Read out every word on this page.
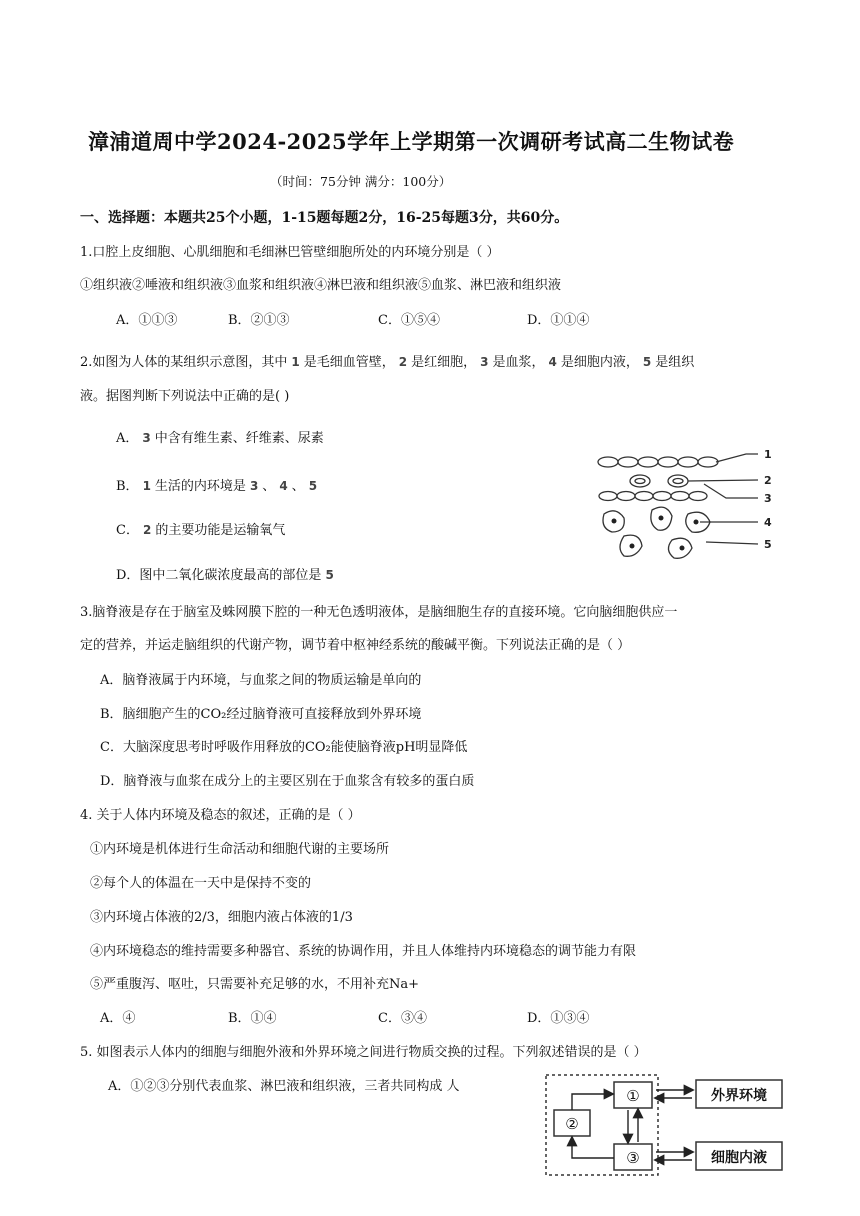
漳浦道周中学2024-2025学年上学期第一次调研考试高二生物试卷
（时间：75分钟 满分：100分）
一、选择题：本题共25个小题，1-15题每题2分，16-25每题3分，共60分。
1.口腔上皮细胞、心肌细胞和毛细淋巴管壁细胞所处的内环境分别是（ ）
①组织液②唾液和组织液③血浆和组织液④淋巴液和组织液⑤血浆、淋巴液和组织液
A．①①③	B．②①③	C．①⑤④	D．①①④
2.如图为人体的某组织示意图，其中 1 是毛细血管壁， 2 是红细胞， 3 是血浆， 4 是细胞内液， 5 是组织
液。据图判断下列说法中正确的是( )
A． 3 中含有维生素、纤维素、尿素
B． 1 生活的内环境是 3 、 4 、 5
C． 2 的主要功能是运输氧气
D．图中二氧化碳浓度最高的部位是 5
1
2
3
4
5
3.脑脊液是存在于脑室及蛛网膜下腔的一种无色透明液体，是脑细胞生存的直接环境。它向脑细胞供应一
定的营养，并运走脑组织的代谢产物，调节着中枢神经系统的酸碱平衡。下列说法正确的是（ ）
A．脑脊液属于内环境，与血浆之间的物质运输是单向的
B．脑细胞产生的CO₂经过脑脊液可直接释放到外界环境
C．大脑深度思考时呼吸作用释放的CO₂能使脑脊液pH明显降低
D．脑脊液与血浆在成分上的主要区别在于血浆含有较多的蛋白质
4. 关于人体内环境及稳态的叙述，正确的是（ ）
①内环境是机体进行生命活动和细胞代谢的主要场所
②每个人的体温在一天中是保持不变的
③内环境占体液的2/3，细胞内液占体液的1/3
④内环境稳态的维持需要多种器官、系统的协调作用，并且人体维持内环境稳态的调节能力有限
⑤严重腹泻、呕吐，只需要补充足够的水，不用补充Na+
A．④	B．①④	C．③④	D．①③④
5. 如图表示人体内的细胞与细胞外液和外界环境之间进行物质交换的过程。下列叙述错误的是（ ）
A．①②③分别代表血浆、淋巴液和组织液，三者共同构成 人
①
②
③
外界环境
细胞内液
